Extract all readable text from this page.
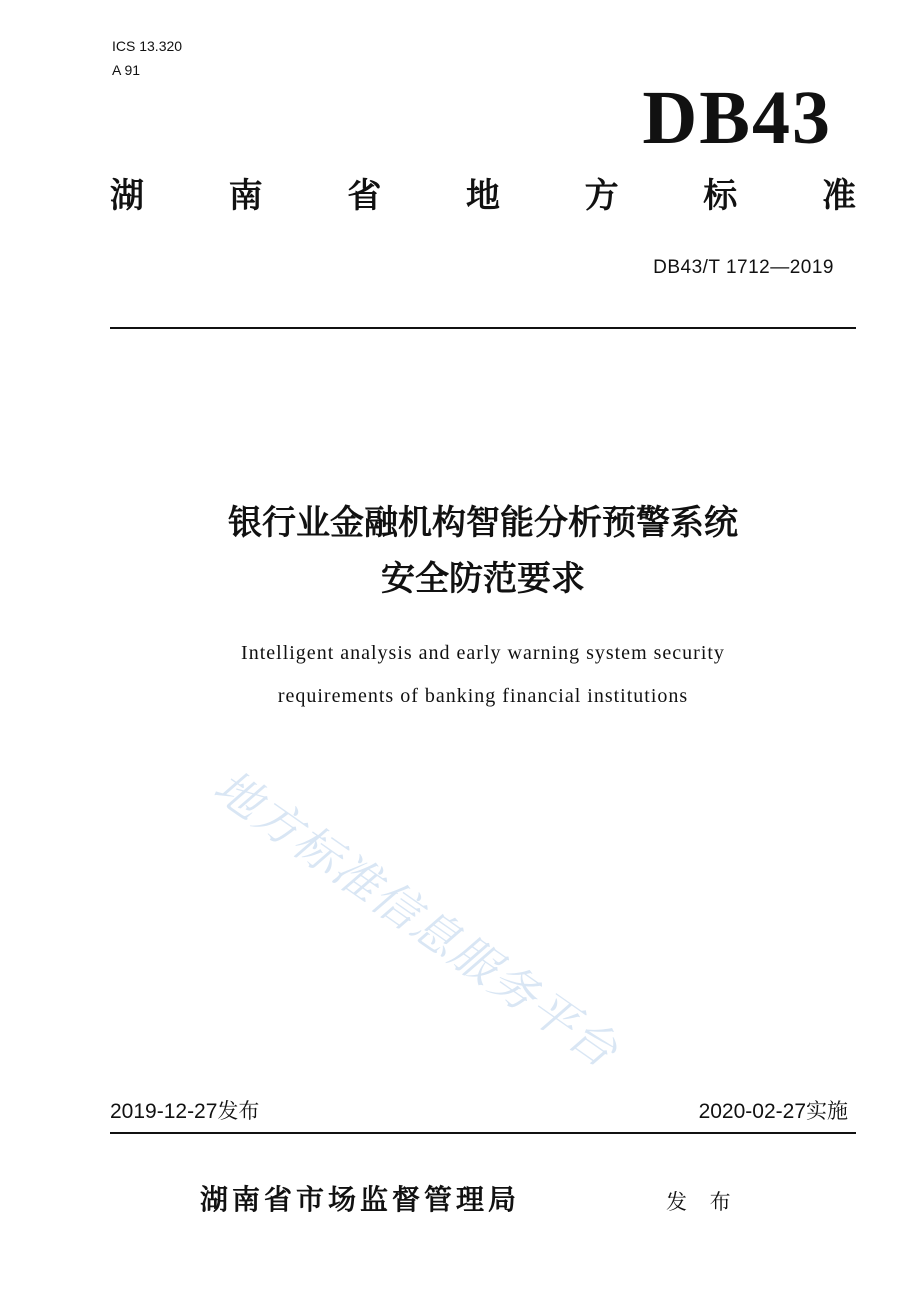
ICS 13.320
A 91
DB43
湖 南 省 地 方 标 准
DB43/T 1712—2019
银行业金融机构智能分析预警系统
安全防范要求
Intelligent analysis and early warning system security
requirements of banking financial institutions
地方标准信息服务平台
2019-12-27发布	2020-02-27实施
湖南省市场监督管理局	发 布
